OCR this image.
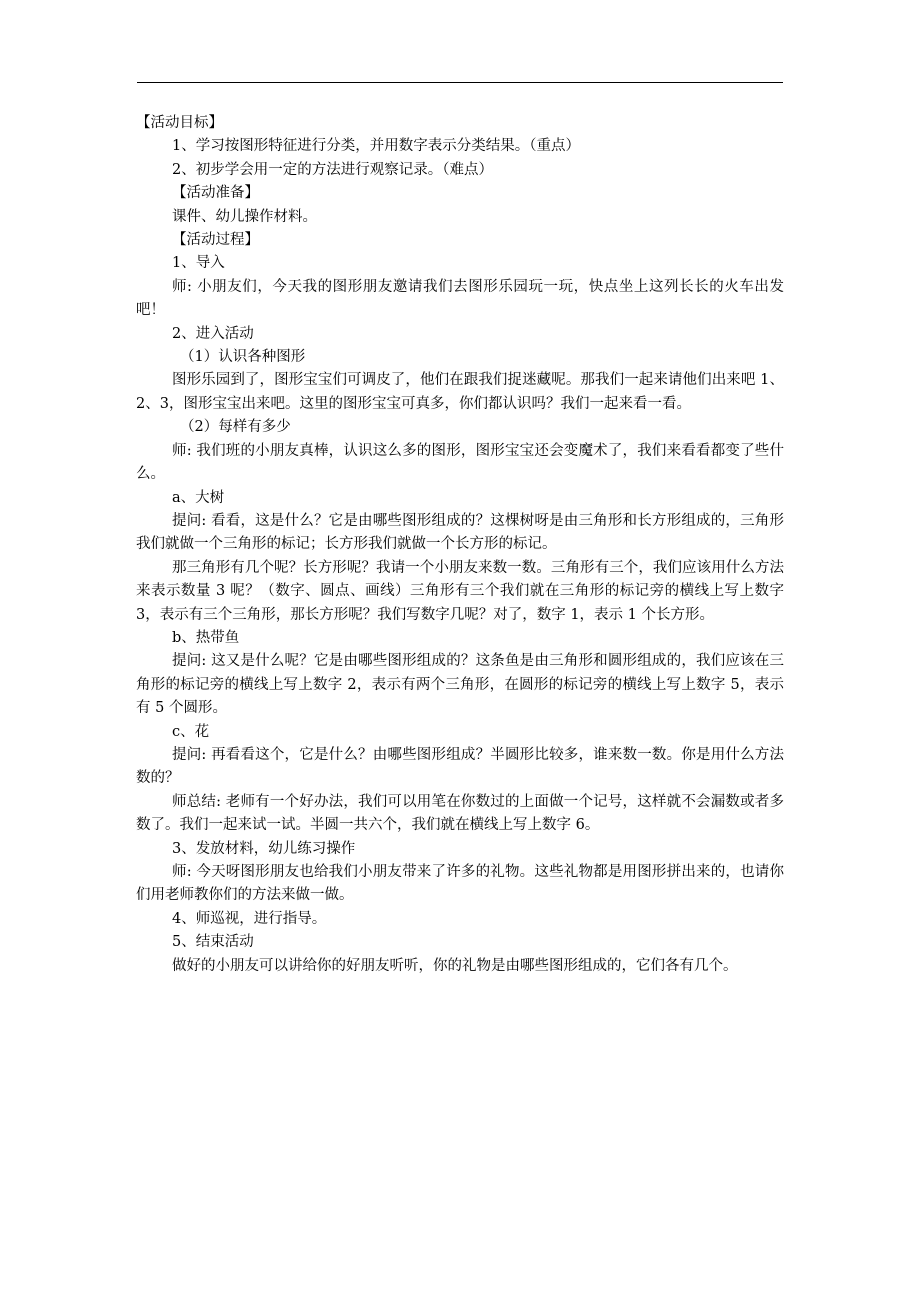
【活动目标】

1、学习按图形特征进行分类，并用数字表示分类结果。（重点）

2、初步学会用一定的方法进行观察记录。（难点）

【活动准备】

课件、幼儿操作材料。

【活动过程】

1、导入

师: 小朋友们，今天我的图形朋友邀请我们去图形乐园玩一玩，快点坐上这列长长的火车出发吧！

2、进入活动

（1）认识各种图形

图形乐园到了，图形宝宝们可调皮了，他们在跟我们捉迷藏呢。那我们一起来请他们出来吧 1、2、3，图形宝宝出来吧。这里的图形宝宝可真多，你们都认识吗？我们一起来看一看。

（2）每样有多少

师: 我们班的小朋友真棒，认识这么多的图形，图形宝宝还会变魔术了，我们来看看都变了些什么。

a、大树

提问: 看看，这是什么？它是由哪些图形组成的？这棵树呀是由三角形和长方形组成的，三角形我们就做一个三角形的标记；长方形我们就做一个长方形的标记。

那三角形有几个呢？长方形呢？我请一个小朋友来数一数。三角形有三个，我们应该用什么方法来表示数量 3 呢？（数字、圆点、画线）三角形有三个我们就在三角形的标记旁的横线上写上数字 3，表示有三个三角形，那长方形呢？我们写数字几呢？对了，数字 1，表示 1 个长方形。

b、热带鱼

提问: 这又是什么呢？它是由哪些图形组成的？这条鱼是由三角形和圆形组成的，我们应该在三角形的标记旁的横线上写上数字 2，表示有两个三角形，在圆形的标记旁的横线上写上数字 5，表示有 5 个圆形。

c、花

提问: 再看看这个，它是什么？由哪些图形组成？半圆形比较多，谁来数一数。你是用什么方法数的？

师总结: 老师有一个好办法，我们可以用笔在你数过的上面做一个记号，这样就不会漏数或者多数了。我们一起来试一试。半圆一共六个，我们就在横线上写上数字 6。

3、发放材料，幼儿练习操作

师: 今天呀图形朋友也给我们小朋友带来了许多的礼物。这些礼物都是用图形拼出来的，也请你们用老师教你们的方法来做一做。

4、师巡视，进行指导。

5、结束活动

做好的小朋友可以讲给你的好朋友听听，你的礼物是由哪些图形组成的，它们各有几个。
